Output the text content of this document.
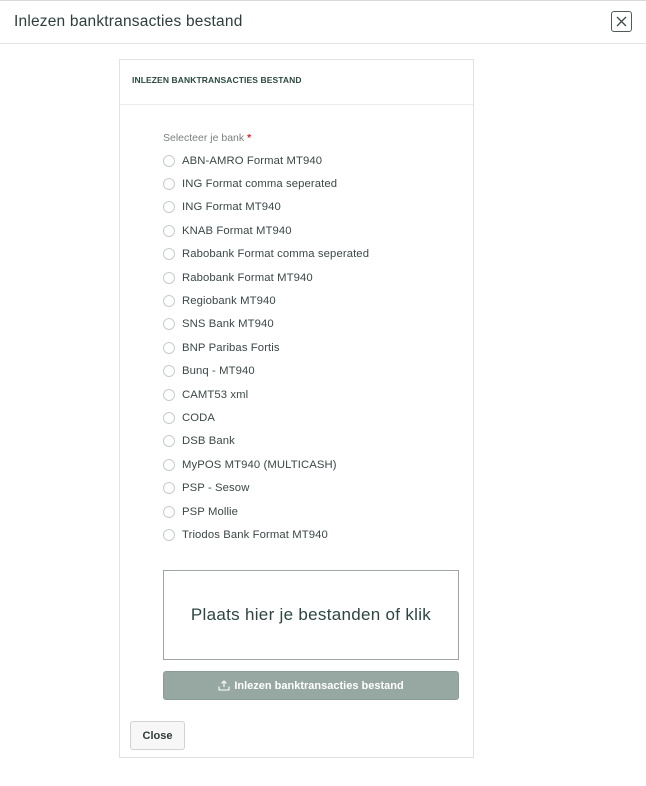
Inlezen banktransacties bestand
INLEZEN BANKTRANSACTIES BESTAND
Selecteer je bank *
ABN-AMRO Format MT940
ING Format comma seperated
ING Format MT940
KNAB Format MT940
Rabobank Format comma seperated
Rabobank Format MT940
Regiobank MT940
SNS Bank MT940
BNP Paribas Fortis
Bunq - MT940
CAMT53 xml
CODA
DSB Bank
MyPOS MT940 (MULTICASH)
PSP - Sesow
PSP Mollie
Triodos Bank Format MT940
Plaats hier je bestanden of klik
Inlezen banktransacties bestand
Close
